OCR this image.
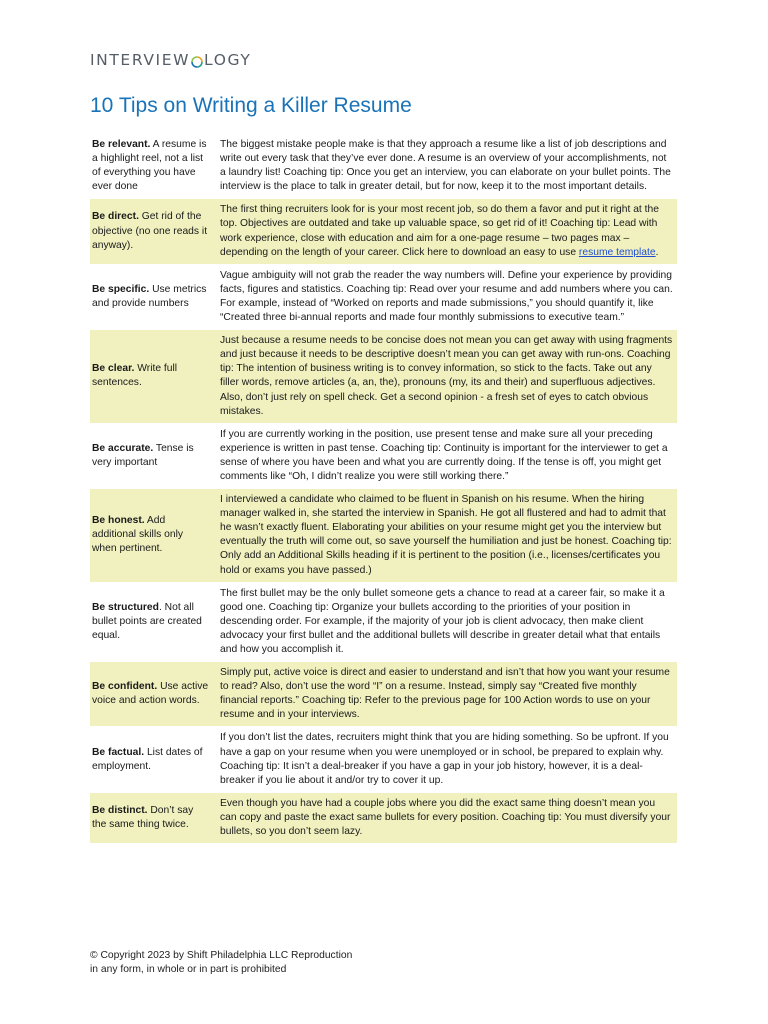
INTERVIEW LOGY
10 Tips on Writing a Killer Resume
Be relevant. A resume is a highlight reel, not a list of everything you have ever done	The biggest mistake people make is that they approach a resume like a list of job descriptions and write out every task that they’ve ever done. A resume is an overview of your accomplishments, not a laundry list! Coaching tip: Once you get an interview, you can elaborate on your bullet points. The interview is the place to talk in greater detail, but for now, keep it to the most important details.
Be direct. Get rid of the objective (no one reads it anyway).	The first thing recruiters look for is your most recent job, so do them a favor and put it right at the top. Objectives are outdated and take up valuable space, so get rid of it! Coaching tip: Lead with work experience, close with education and aim for a one-page resume – two pages max – depending on the length of your career. Click here to download an easy to use resume template.
Be specific. Use metrics and provide numbers	Vague ambiguity will not grab the reader the way numbers will. Define your experience by providing facts, figures and statistics. Coaching tip: Read over your resume and add numbers where you can. For example, instead of “Worked on reports and made submissions,” you should quantify it, like “Created three bi-annual reports and made four monthly submissions to executive team.”
Be clear. Write full sentences.	Just because a resume needs to be concise does not mean you can get away with using fragments and just because it needs to be descriptive doesn’t mean you can get away with run-ons. Coaching tip: The intention of business writing is to convey information, so stick to the facts. Take out any filler words, remove articles (a, an, the), pronouns (my, its and their) and superfluous adjectives. Also, don’t just rely on spell check. Get a second opinion - a fresh set of eyes to catch obvious mistakes.
Be accurate. Tense is very important	If you are currently working in the position, use present tense and make sure all your preceding experience is written in past tense. Coaching tip: Continuity is important for the interviewer to get a sense of where you have been and what you are currently doing. If the tense is off, you might get comments like “Oh, I didn’t realize you were still working there.”
Be honest. Add additional skills only when pertinent.	I interviewed a candidate who claimed to be fluent in Spanish on his resume. When the hiring manager walked in, she started the interview in Spanish. He got all flustered and had to admit that he wasn’t exactly fluent. Elaborating your abilities on your resume might get you the interview but eventually the truth will come out, so save yourself the humiliation and just be honest. Coaching tip: Only add an Additional Skills heading if it is pertinent to the position (i.e., licenses/certificates you hold or exams you have passed.)
Be structured. Not all bullet points are created equal.	The first bullet may be the only bullet someone gets a chance to read at a career fair, so make it a good one. Coaching tip: Organize your bullets according to the priorities of your position in descending order. For example, if the majority of your job is client advocacy, then make client advocacy your first bullet and the additional bullets will describe in greater detail what that entails and how you accomplish it.
Be confident. Use active voice and action words.	Simply put, active voice is direct and easier to understand and isn’t that how you want your resume to read? Also, don’t use the word “I” on a resume. Instead, simply say “Created five monthly financial reports.” Coaching tip: Refer to the previous page for 100 Action words to use on your resume and in your interviews.
Be factual. List dates of employment.	If you don’t list the dates, recruiters might think that you are hiding something. So be upfront. If you have a gap on your resume when you were unemployed or in school, be prepared to explain why. Coaching tip: It isn’t a deal-breaker if you have a gap in your job history, however, it is a deal-breaker if you lie about it and/or try to cover it up.
Be distinct. Don’t say the same thing twice.	Even though you have had a couple jobs where you did the exact same thing doesn’t mean you can copy and paste the exact same bullets for every position. Coaching tip: You must diversify your bullets, so you don’t seem lazy.
© Copyright 2023 by Shift Philadelphia LLC Reproduction
in any form, in whole or in part is prohibited
